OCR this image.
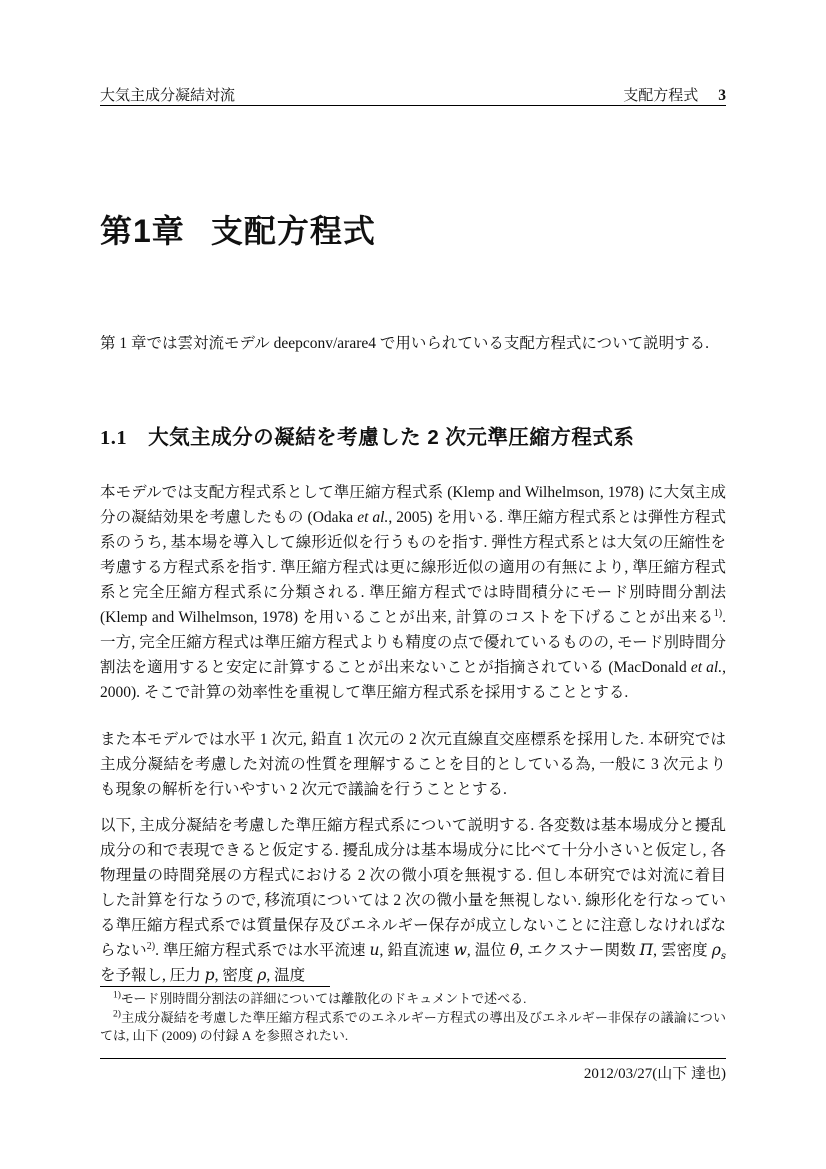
大気主成分凝結対流	支配方程式 3
第1章 支配方程式
第 1 章では雲対流モデル deepconv/arare4 で用いられている支配方程式について説明する.
1.1 大気主成分の凝結を考慮した 2 次元準圧縮方程式系
本モデルでは支配方程式系として準圧縮方程式系 (Klemp and Wilhelmson, 1978) に大気主成分の凝結効果を考慮したもの (Odaka et al., 2005) を用いる. 準圧縮方程式系とは弾性方程式系のうち, 基本場を導入して線形近似を行うものを指す. 弾性方程式系とは大気の圧縮性を考慮する方程式系を指す. 準圧縮方程式は更に線形近似の適用の有無により, 準圧縮方程式系と完全圧縮方程式系に分類される. 準圧縮方程式では時間積分にモード別時間分割法 (Klemp and Wilhelmson, 1978) を用いることが出来, 計算のコストを下げることが出来る$^{1)}$. 一方, 完全圧縮方程式は準圧縮方程式よりも精度の点で優れているものの, モード別時間分割法を適用すると安定に計算することが出来ないことが指摘されている (MacDonald et al., 2000). そこで計算の効率性を重視して準圧縮方程式系を採用することとする.
また本モデルでは水平 1 次元, 鉛直 1 次元の 2 次元直線直交座標系を採用した. 本研究では主成分凝結を考慮した対流の性質を理解することを目的としている為, 一般に 3 次元よりも現象の解析を行いやすい 2 次元で議論を行うこととする.
以下, 主成分凝結を考慮した準圧縮方程式系について説明する. 各変数は基本場成分と擾乱成分の和で表現できると仮定する. 擾乱成分は基本場成分に比べて十分小さいと仮定し, 各物理量の時間発展の方程式における 2 次の微小項を無視する. 但し本研究では対流に着目した計算を行なうので, 移流項については 2 次の微小量を無視しない. 線形化を行なっている準圧縮方程式系では質量保存及びエネルギー保存が成立しないことに注意しなければならない$^{2)}$. 準圧縮方程式系では水平流速 u, 鉛直流速 w, 温位 θ, エクスナー関数 Π, 雲密度 $\rho_s$ を予報し, 圧力 p, 密度 ρ, 温度
$^{1)}$モード別時間分割法の詳細については離散化のドキュメントで述べる.
$^{2)}$主成分凝結を考慮した準圧縮方程式系でのエネルギー方程式の導出及びエネルギー非保存の議論については, 山下 (2009) の付録 A を参照されたい.
2012/03/27(山下 達也)
